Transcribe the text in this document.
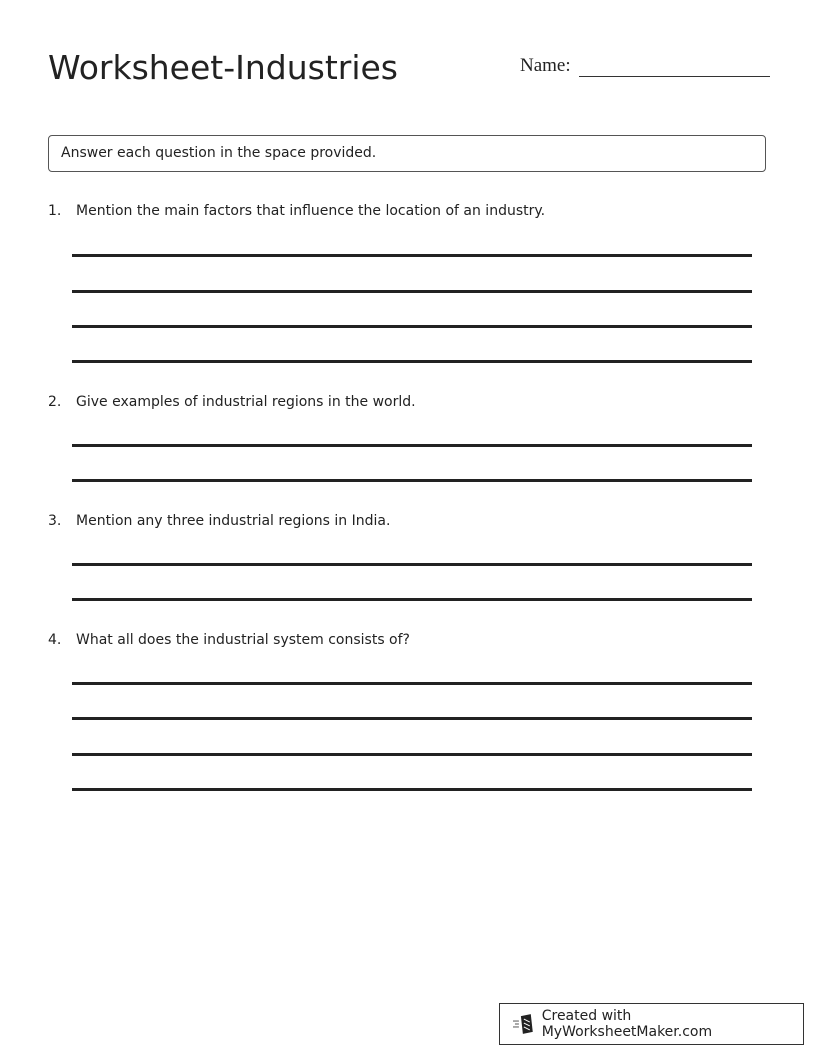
Worksheet-Industries	Name:
Answer each question in the space provided.
1.	Mention the main factors that influence the location of an industry.
2.	Give examples of industrial regions in the world.
3.	Mention any three industrial regions in India.
4.	What all does the industrial system consists of?
Created with MyWorksheetMaker.com
